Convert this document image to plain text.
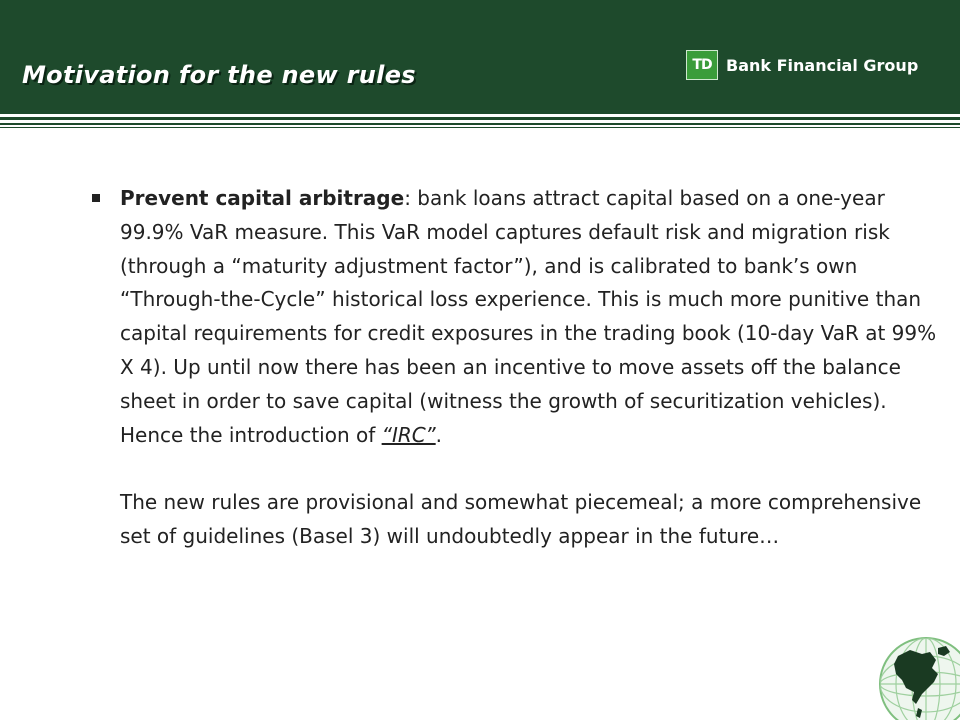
Motivation for the new rules	TD Bank Financial Group
Prevent capital arbitrage: bank loans attract capital based on a one-year 99.9% VaR measure. This VaR model captures default risk and migration risk (through a “maturity adjustment factor”), and is calibrated to bank’s own “Through-the-Cycle” historical loss experience. This is much more punitive than capital requirements for credit exposures in the trading book (10-day VaR at 99% X 4). Up until now there has been an incentive to move assets off the balance sheet in order to save capital (witness the growth of securitization vehicles). Hence the introduction of “IRC”.
The new rules are provisional and somewhat piecemeal; a more comprehensive set of guidelines (Basel 3) will undoubtedly appear in the future…
